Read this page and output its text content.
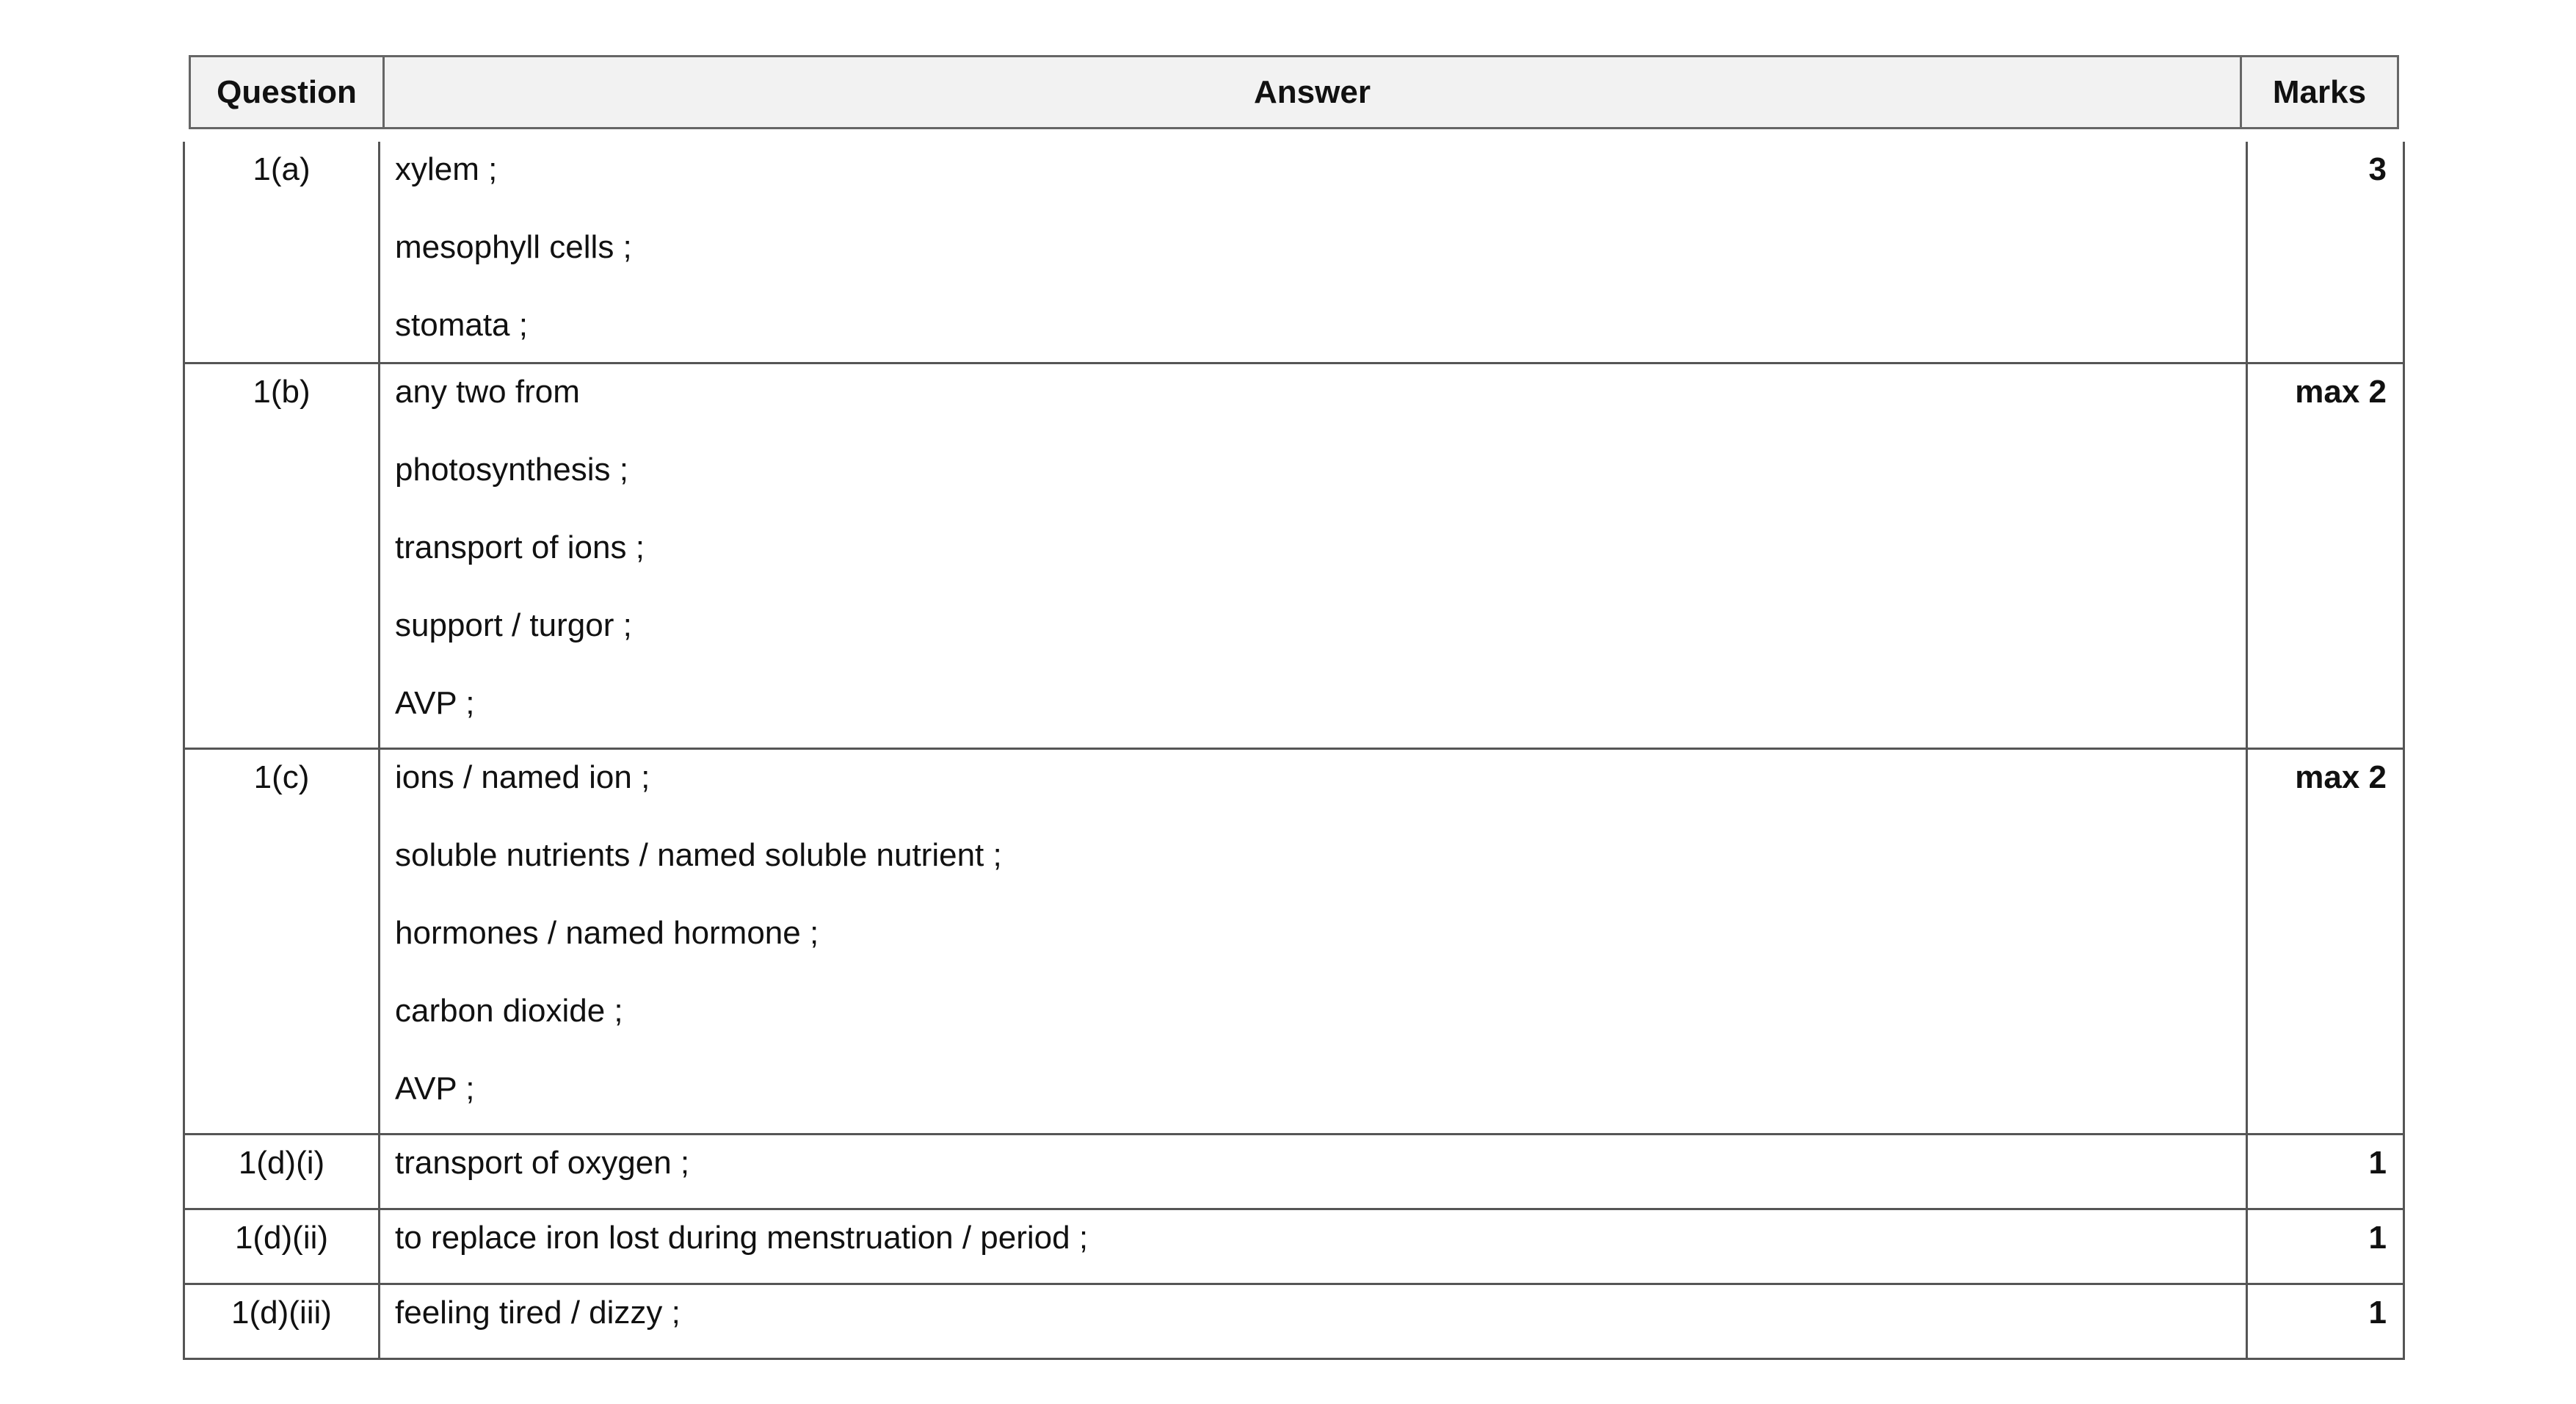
Question	Answer	Marks
1(a)	xylem ;
mesophyll cells ;
stomata ;	3
1(b)	any two from
photosynthesis ;
transport of ions ;
support / turgor ;
AVP ;	max 2
1(c)	ions / named ion ;
soluble nutrients / named soluble nutrient ;
hormones / named hormone ;
carbon dioxide ;
AVP ;	max 2
1(d)(i)	transport of oxygen ;	1
1(d)(ii)	to replace iron lost during menstruation / period ;	1
1(d)(iii)	feeling tired / dizzy ;	1
